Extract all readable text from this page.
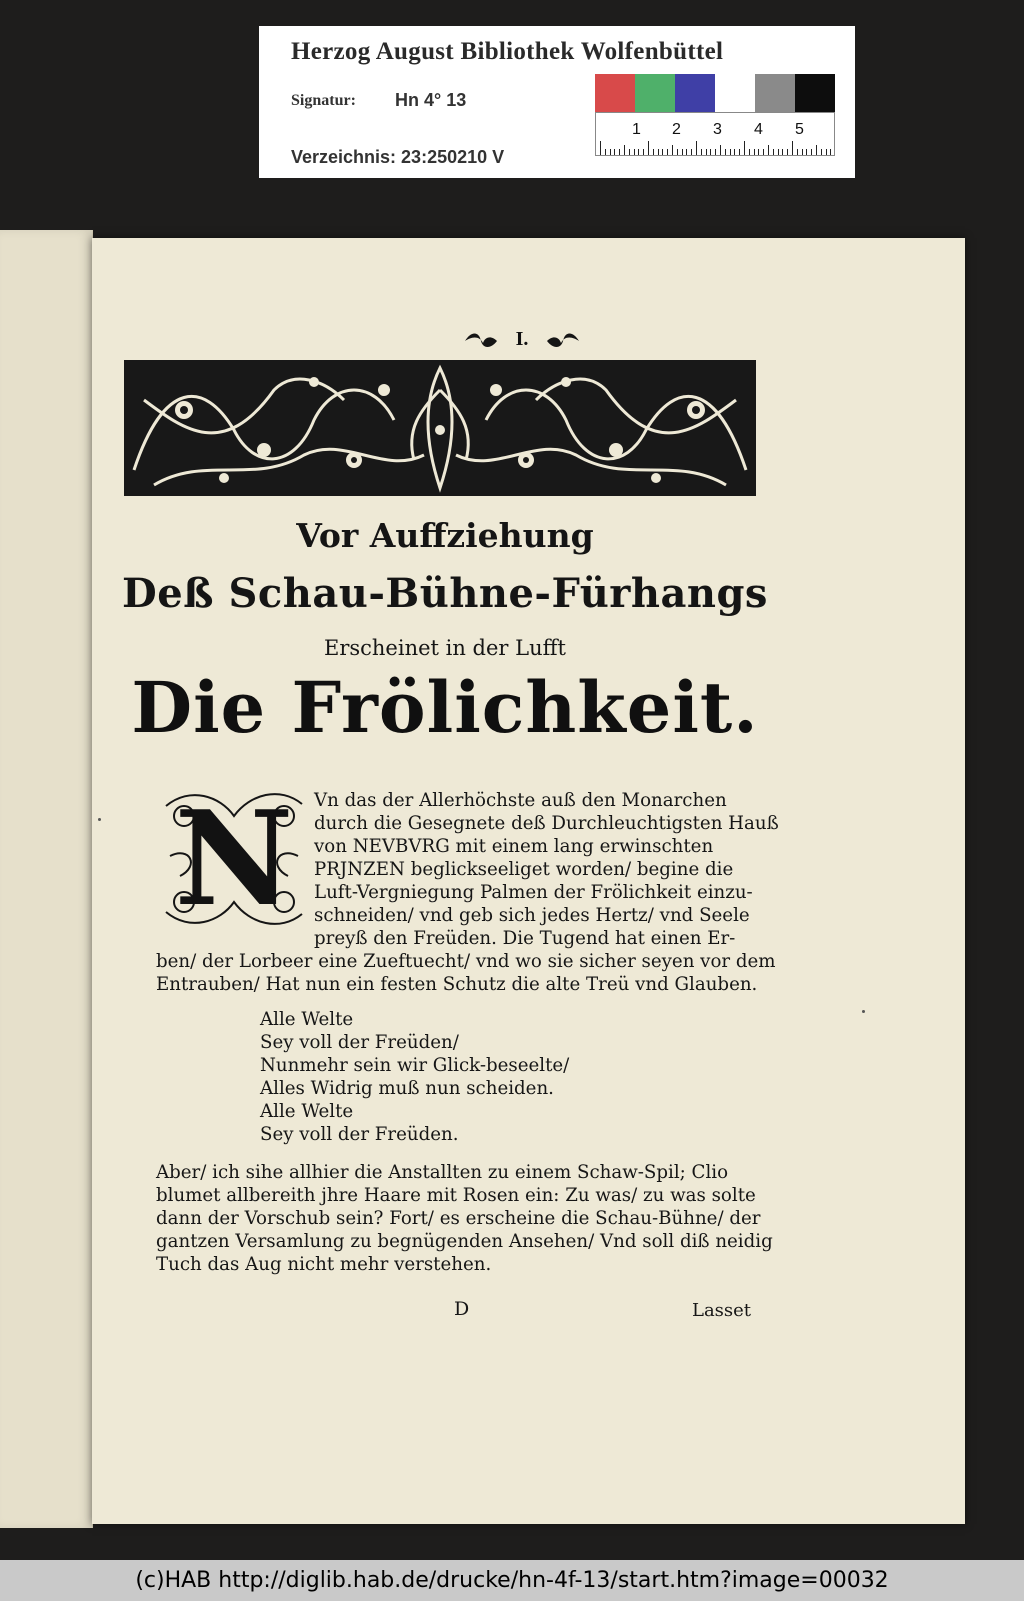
Herzog August Bibliothek Wolfenbüttel
Signatur: Hn 4° 13
Verzeichnis: 23:250210 V
1 2 3 4 5
I.
Vor Auffziehung
Deß Schau-Bühne-Fürhangs
Erscheinet in der Lufft
Die Frölichkeit.
N Vn das der Allerhöchste auß den Monarchen
durch die Gesegnete deß Durchleuchtigsten Hauß
von NEVBVRG mit einem lang erwinschten
PRJNZEN beglickseeliget worden/ begine die
Luft-Vergniegung Palmen der Frölichkeit einzu-
schneiden/ vnd geb sich jedes Hertz/ vnd Seele
preyß den Freüden. Die Tugend hat einen Er-
ben/ der Lorbeer eine Zueftuecht/ vnd wo sie sicher seyen vor dem
Entrauben/ Hat nun ein festen Schutz die alte Treü vnd Glauben.
Alle Welte
Sey voll der Freüden/
Nunmehr sein wir Glick-beseelte/
Alles Widrig muß nun scheiden.
Alle Welte
Sey voll der Freüden.
Aber/ ich sihe allhier die Anstallten zu einem Schaw-Spil; Clio
blumet allbereith jhre Haare mit Rosen ein: Zu was/ zu was solte
dann der Vorschub sein? Fort/ es erscheine die Schau-Bühne/ der
gantzen Versamlung zu begnügenden Ansehen/ Vnd soll diß neidig
Tuch das Aug nicht mehr verstehen.
D	Lasset
(c)HAB http://diglib.hab.de/drucke/hn-4f-13/start.htm?image=00032
